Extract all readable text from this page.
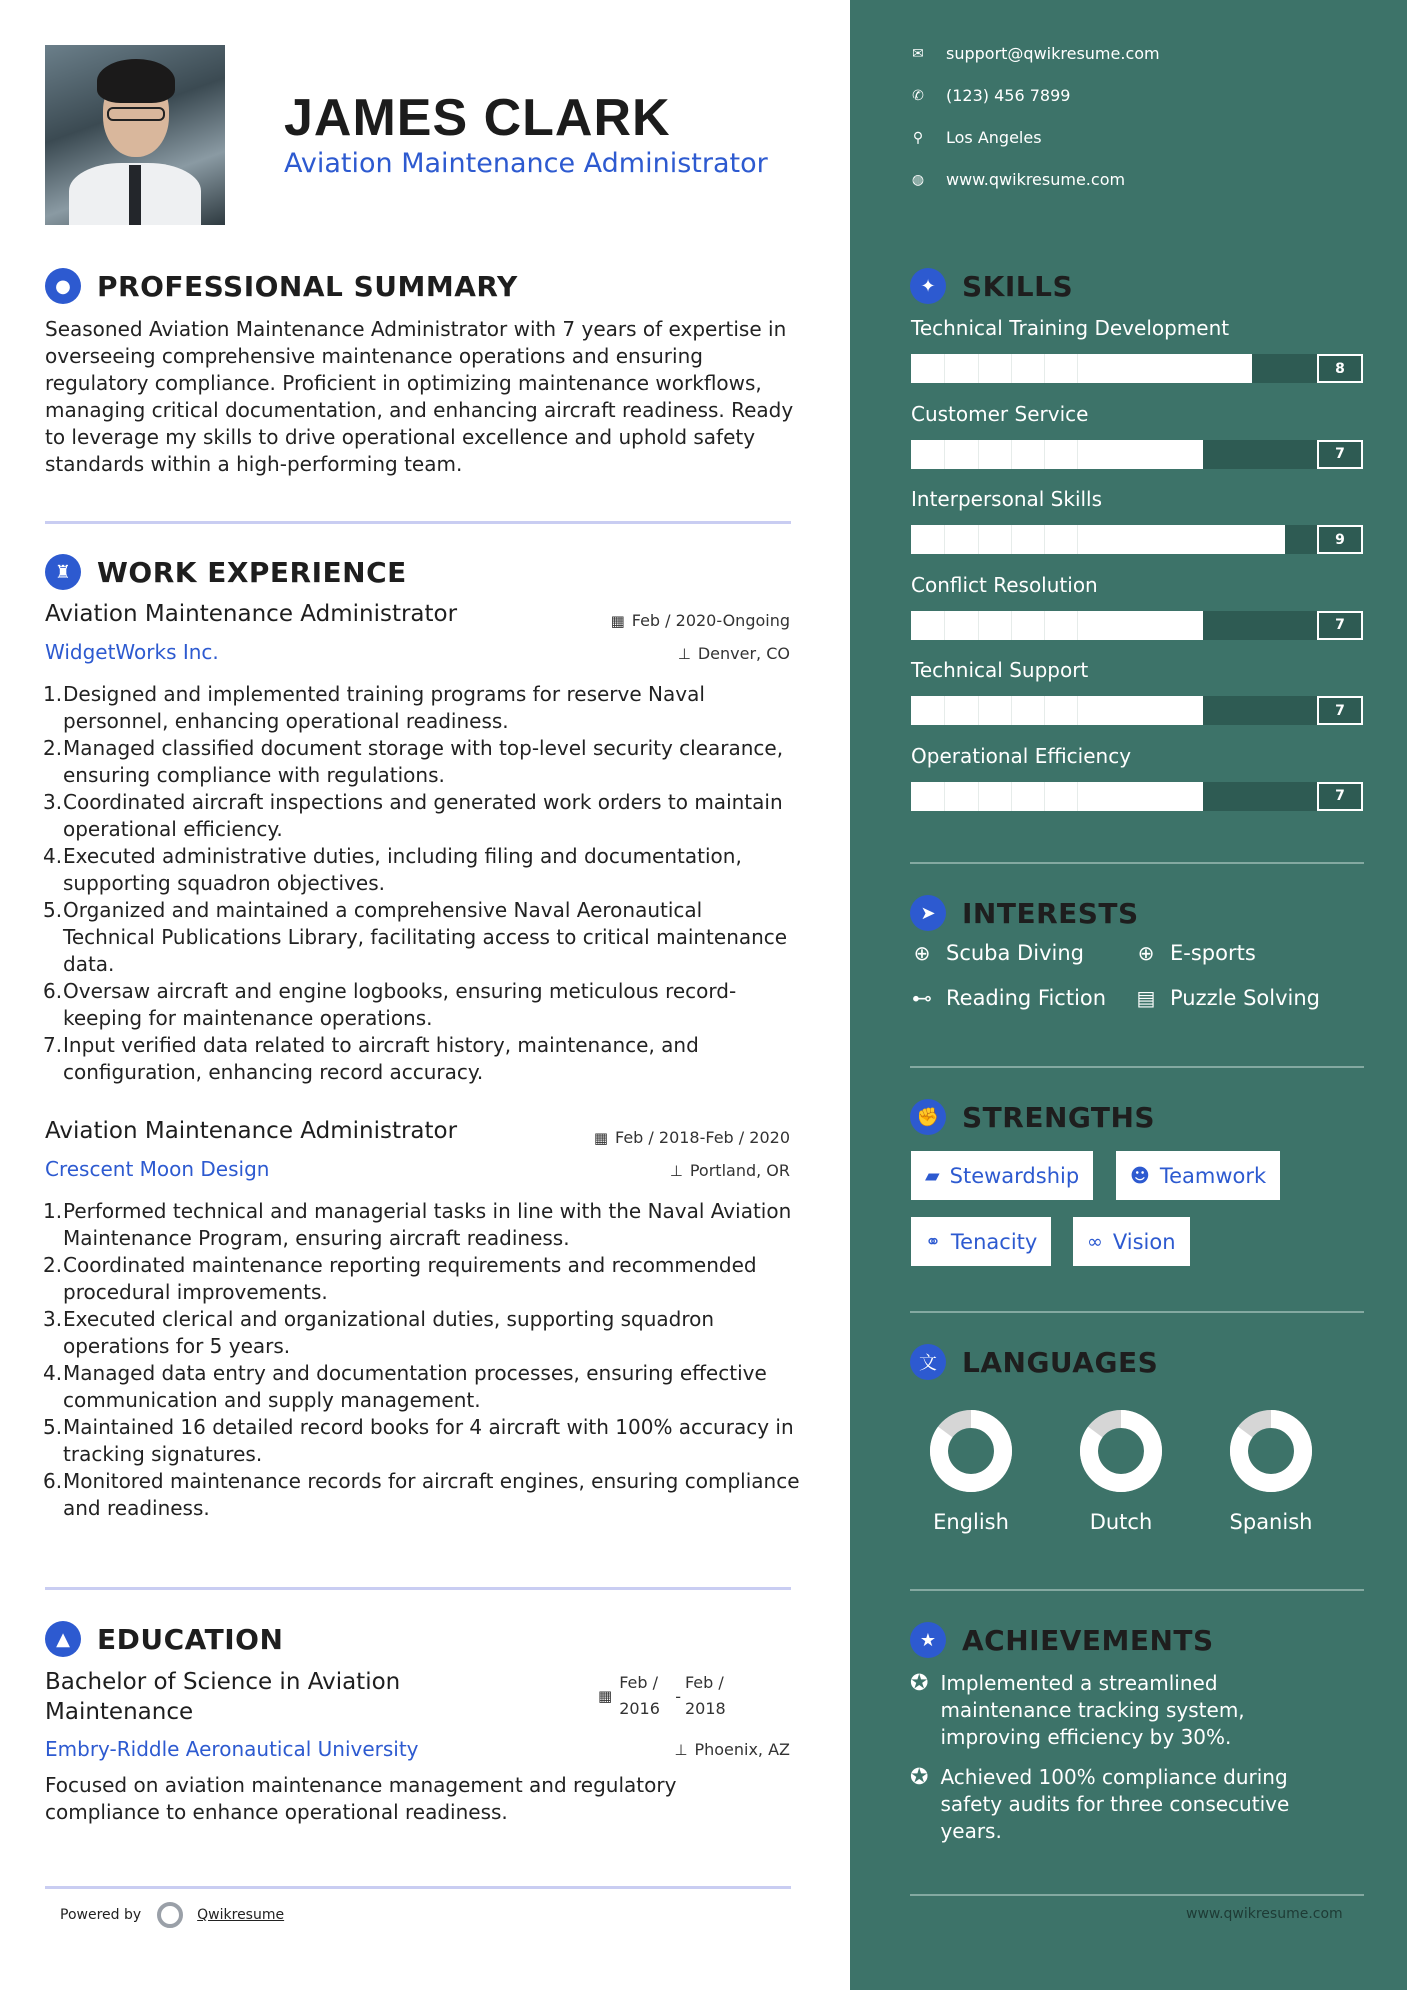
JAMES CLARK
Aviation Maintenance Administrator
✉ support@qwikresume.com
✆ (123) 456 7899
⚲ Los Angeles
◍ www.qwikresume.com
● PROFESSIONAL SUMMARY
Seasoned Aviation Maintenance Administrator with 7 years of expertise in overseeing comprehensive maintenance operations and ensuring regulatory compliance. Proficient in optimizing maintenance workflows, managing critical documentation, and enhancing aircraft readiness. Ready to leverage my skills to drive operational excellence and uphold safety standards within a high-performing team.
♜ WORK EXPERIENCE
Aviation Maintenance Administrator	▦ Feb / 2020-Ongoing
WidgetWorks Inc.	⊥ Denver, CO
1. Designed and implemented training programs for reserve Naval personnel, enhancing operational readiness.
2. Managed classified document storage with top-level security clearance, ensuring compliance with regulations.
3. Coordinated aircraft inspections and generated work orders to maintain operational efficiency.
4. Executed administrative duties, including filing and documentation, supporting squadron objectives.
5. Organized and maintained a comprehensive Naval Aeronautical Technical Publications Library, facilitating access to critical maintenance data.
6. Oversaw aircraft and engine logbooks, ensuring meticulous record-keeping for maintenance operations.
7. Input verified data related to aircraft history, maintenance, and configuration, enhancing record accuracy.
Aviation Maintenance Administrator	▦ Feb / 2018-Feb / 2020
Crescent Moon Design	⊥ Portland, OR
1. Performed technical and managerial tasks in line with the Naval Aviation Maintenance Program, ensuring aircraft readiness.
2. Coordinated maintenance reporting requirements and recommended procedural improvements.
3. Executed clerical and organizational duties, supporting squadron operations for 5 years.
4. Managed data entry and documentation processes, ensuring effective communication and supply management.
5. Maintained 16 detailed record books for 4 aircraft with 100% accuracy in tracking signatures.
6. Monitored maintenance records for aircraft engines, ensuring compliance and readiness.
▲ EDUCATION
Bachelor of Science in Aviation Maintenance
▦
Feb / 2016
-
Feb / 2018
Embry-Riddle Aeronautical University	⊥ Phoenix, AZ
Focused on aviation maintenance management and regulatory compliance to enhance operational readiness.
Powered by	Qwikresume
✦ SKILLS
Technical Training Development
8
Customer Service
7
Interpersonal Skills
9
Conflict Resolution
7
Technical Support
7
Operational Efficiency
7
➤ INTERESTS
⊕ Scuba Diving	⊕ E-sports
⊷ Reading Fiction ▤ Puzzle Solving
✊ STRENGTHS
▰ Stewardship	☻ Teamwork
⚭ Tenacity	∞ Vision
文 LANGUAGES
English	Dutch	Spanish
★ ACHIEVEMENTS
✪ Implemented a streamlined maintenance tracking system, improving efficiency by 30%.
✪ Achieved 100% compliance during safety audits for three consecutive years.
www.qwikresume.com
